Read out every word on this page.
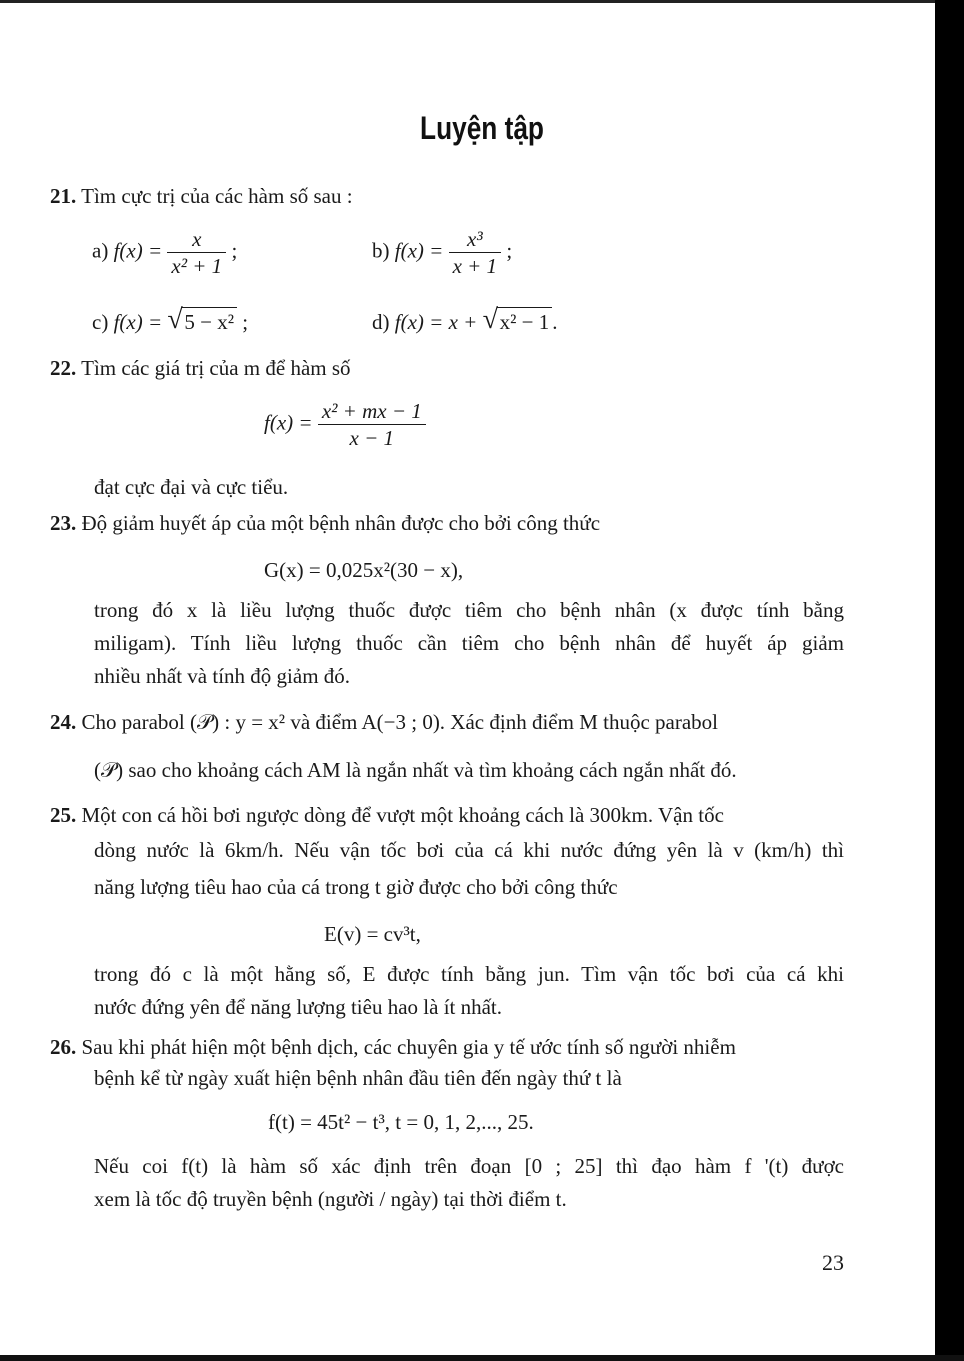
Luyện tập
21. Tìm cực trị của các hàm số sau :
a) $f(x) = \frac{x}{\text{x² + 1}}$ ;	b) $f(x) = \frac{\text{x³}}{x + 1}$ ;
c) f(x) = √ 5 − x² ;	d) f(x) = x + √ x² − 1 .
22. Tìm các giá trị của m để hàm số
$f(x) = \frac{\text{x² + mx − 1}}{x - 1}$
đạt cực đại và cực tiểu.
23. Độ giảm huyết áp của một bệnh nhân được cho bởi công thức
G(x) = 0,025x²(30 − x),
trong đó x là liều lượng thuốc được tiêm cho bệnh nhân (x được tính bằng
miligam). Tính liều lượng thuốc cần tiêm cho bệnh nhân để huyết áp giảm
nhiều nhất và tính độ giảm đó.
24. Cho parabol (𝒫) : y = x² và điểm A(−3 ; 0). Xác định điểm M thuộc parabol
(𝒫) sao cho khoảng cách AM là ngắn nhất và tìm khoảng cách ngắn nhất đó.
25. Một con cá hồi bơi ngược dòng để vượt một khoảng cách là 300km. Vận tốc
dòng nước là 6km/h. Nếu vận tốc bơi của cá khi nước đứng yên là v (km/h) thì
năng lượng tiêu hao của cá trong t giờ được cho bởi công thức
E(v) = cv³t,
trong đó c là một hằng số, E được tính bằng jun. Tìm vận tốc bơi của cá khi
nước đứng yên để năng lượng tiêu hao là ít nhất.
26. Sau khi phát hiện một bệnh dịch, các chuyên gia y tế ước tính số người nhiễm
bệnh kể từ ngày xuất hiện bệnh nhân đầu tiên đến ngày thứ t là
f(t) = 45t² − t³, t = 0, 1, 2,..., 25.
Nếu coi f(t) là hàm số xác định trên đoạn [0 ; 25] thì đạo hàm f '(t) được
xem là tốc độ truyền bệnh (người / ngày) tại thời điểm t.
23
